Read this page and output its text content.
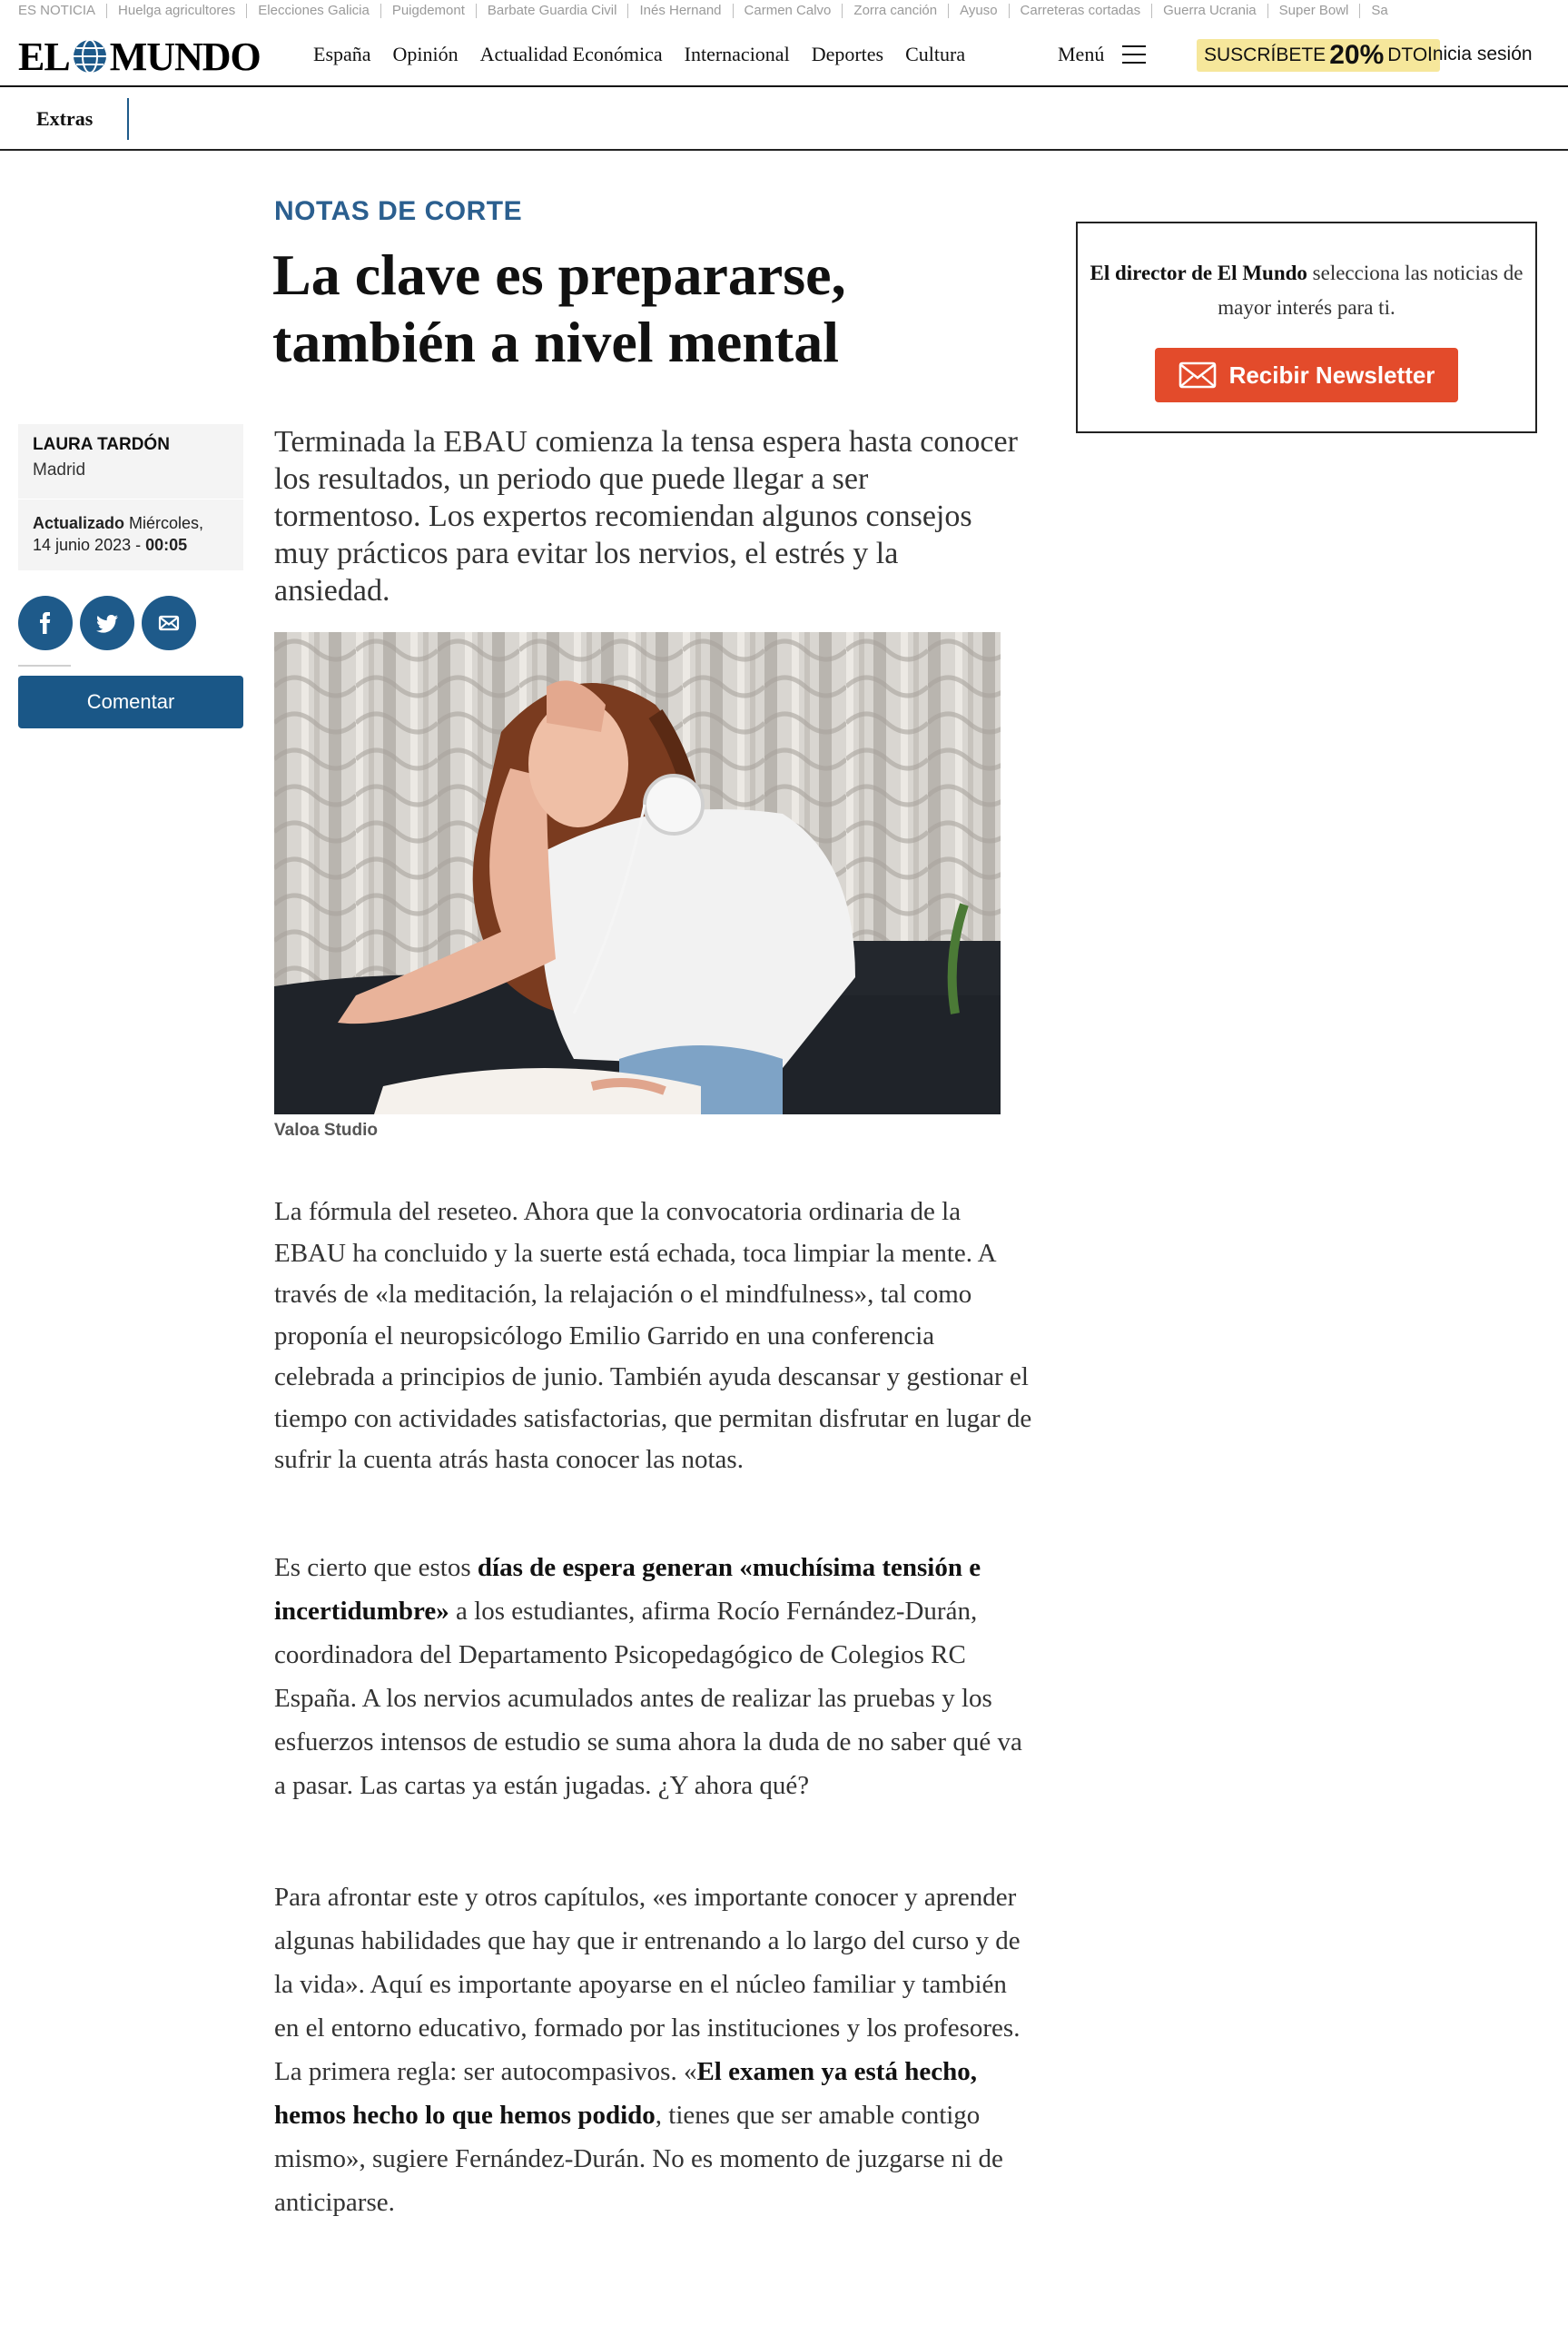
ES NOTICIA	Huelga agricultores	Elecciones Galicia	Puigdemont	Barbate Guardia Civil	Inés Hernand	Carmen Calvo	Zorra canción	Ayuso	Carreteras cortadas	Guerra Ucrania	Super Bowl	Sa
EL MUNDO	España Opinión Actualidad Económica Internacional Deportes Cultura	Menú	SUSCRÍBETE 20% DTO.
Inicia sesión
Extras
NOTAS DE CORTE
La clave es prepararse,
también a nivel mental

Terminada la EBAU comienza la tensa espera hasta conocer los resultados, un periodo que puede llegar a ser tormentoso. Los expertos recomiendan algunos consejos muy prácticos para evitar los nervios, el estrés y la ansiedad.

LAURA TARDÓN
Madrid
Actualizado Miércoles,
14 junio 2023 - 00:05
Comentar
Valoa Studio

La fórmula del reseteo. Ahora que la convocatoria ordinaria de la EBAU ha concluido y la suerte está echada, toca limpiar la mente. A través de «la meditación, la relajación o el mindfulness», tal como proponía el neuropsicólogo Emilio Garrido en una conferencia celebrada a principios de junio. También ayuda descansar y gestionar el tiempo con actividades satisfactorias, que permitan disfrutar en lugar de sufrir la cuenta atrás hasta conocer las notas.

Es cierto que estos días de espera generan «muchísima tensión e incertidumbre» a los estudiantes, afirma Rocío Fernández-Durán, coordinadora del Departamento Psicopedagógico de Colegios RC España. A los nervios acumulados antes de realizar las pruebas y los esfuerzos intensos de estudio se suma ahora la duda de no saber qué va a pasar. Las cartas ya están jugadas. ¿Y ahora qué?

Para afrontar este y otros capítulos, «es importante conocer y aprender algunas habilidades que hay que ir entrenando a lo largo del curso y de la vida». Aquí es importante apoyarse en el núcleo familiar y también en el entorno educativo, formado por las instituciones y los profesores. La primera regla: ser autocompasivos. «El examen ya está hecho, hemos hecho lo que hemos podido, tienes que ser amable contigo mismo», sugiere Fernández-Durán. No es momento de juzgarse ni de anticiparse.

El director de El Mundo selecciona las noticias de mayor interés para ti.
Recibir Newsletter
